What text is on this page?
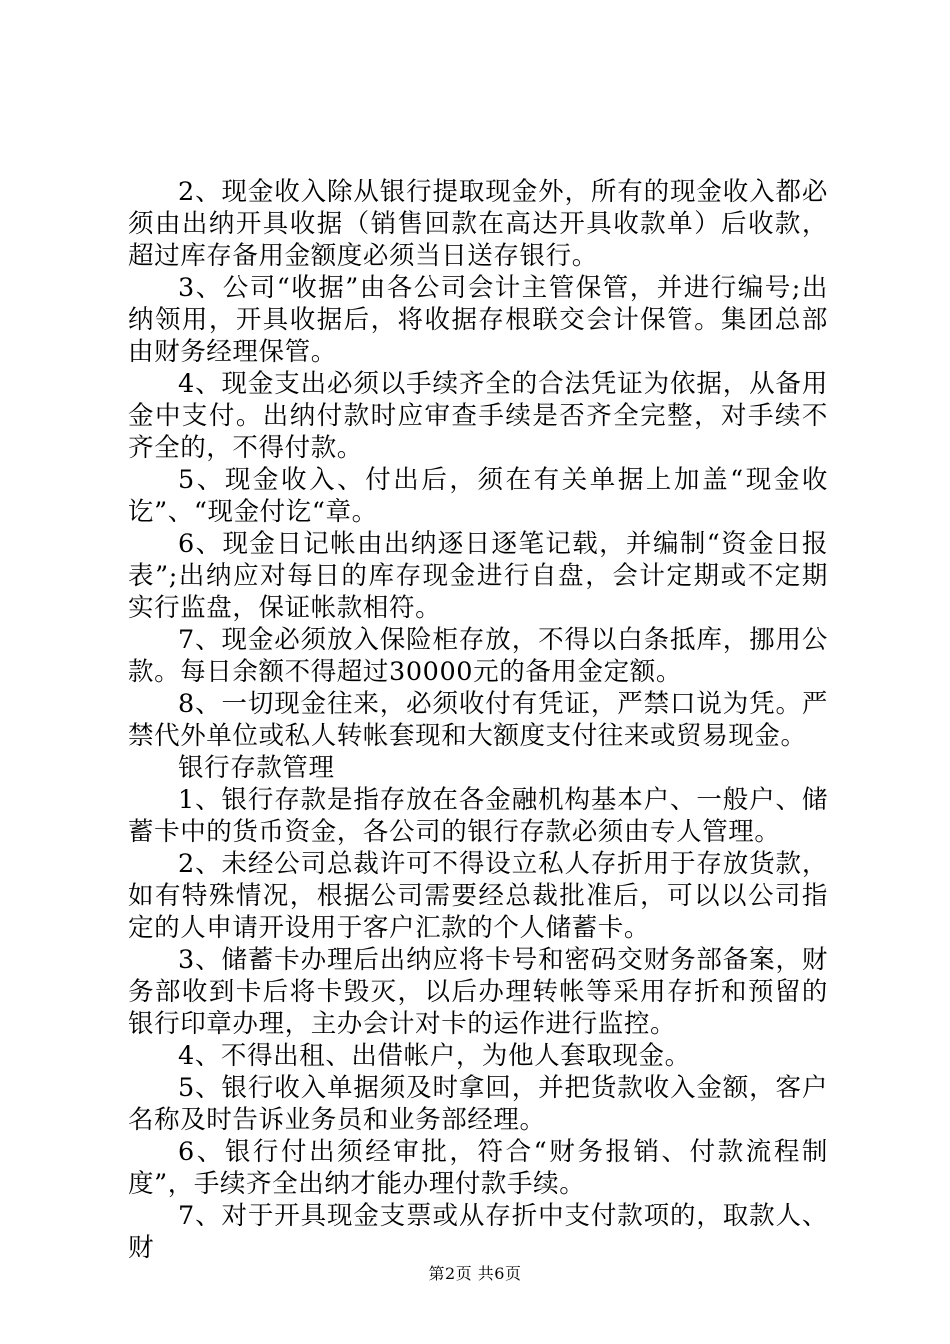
2、现金收入除从银行提取现金外，所有的现金收入都必须由出纳开具收据（销售回款在高达开具收款单）后收款，超过库存备用金额度必须当日送存银行。

3、公司“收据”由各公司会计主管保管，并进行编号;出纳领用，开具收据后，将收据存根联交会计保管。集团总部由财务经理保管。

4、现金支出必须以手续齐全的合法凭证为依据，从备用金中支付。出纳付款时应审查手续是否齐全完整，对手续不齐全的，不得付款。

5、现金收入、付出后，须在有关单据上加盖“现金收讫”、“现金付讫“章。

6、现金日记帐由出纳逐日逐笔记载，并编制“资金日报表”;出纳应对每日的库存现金进行自盘，会计定期或不定期实行监盘，保证帐款相符。

7、现金必须放入保险柜存放，不得以白条抵库，挪用公款。每日余额不得超过30000元的备用金定额。

8、一切现金往来，必须收付有凭证，严禁口说为凭。严禁代外单位或私人转帐套现和大额度支付往来或贸易现金。

银行存款管理

1、银行存款是指存放在各金融机构基本户、一般户、储蓄卡中的货币资金，各公司的银行存款必须由专人管理。

2、未经公司总裁许可不得设立私人存折用于存放货款，如有特殊情况，根据公司需要经总裁批准后，可以以公司指定的人申请开设用于客户汇款的个人储蓄卡。

3、储蓄卡办理后出纳应将卡号和密码交财务部备案，财务部收到卡后将卡毁灭，以后办理转帐等采用存折和预留的银行印章办理，主办会计对卡的运作进行监控。

4、不得出租、出借帐户，为他人套取现金。

5、银行收入单据须及时拿回，并把货款收入金额，客户名称及时告诉业务员和业务部经理。

6、银行付出须经审批，符合“财务报销、付款流程制度”，手续齐全出纳才能办理付款手续。

7、对于开具现金支票或从存折中支付款项的，取款人、财

第2页 共6页
